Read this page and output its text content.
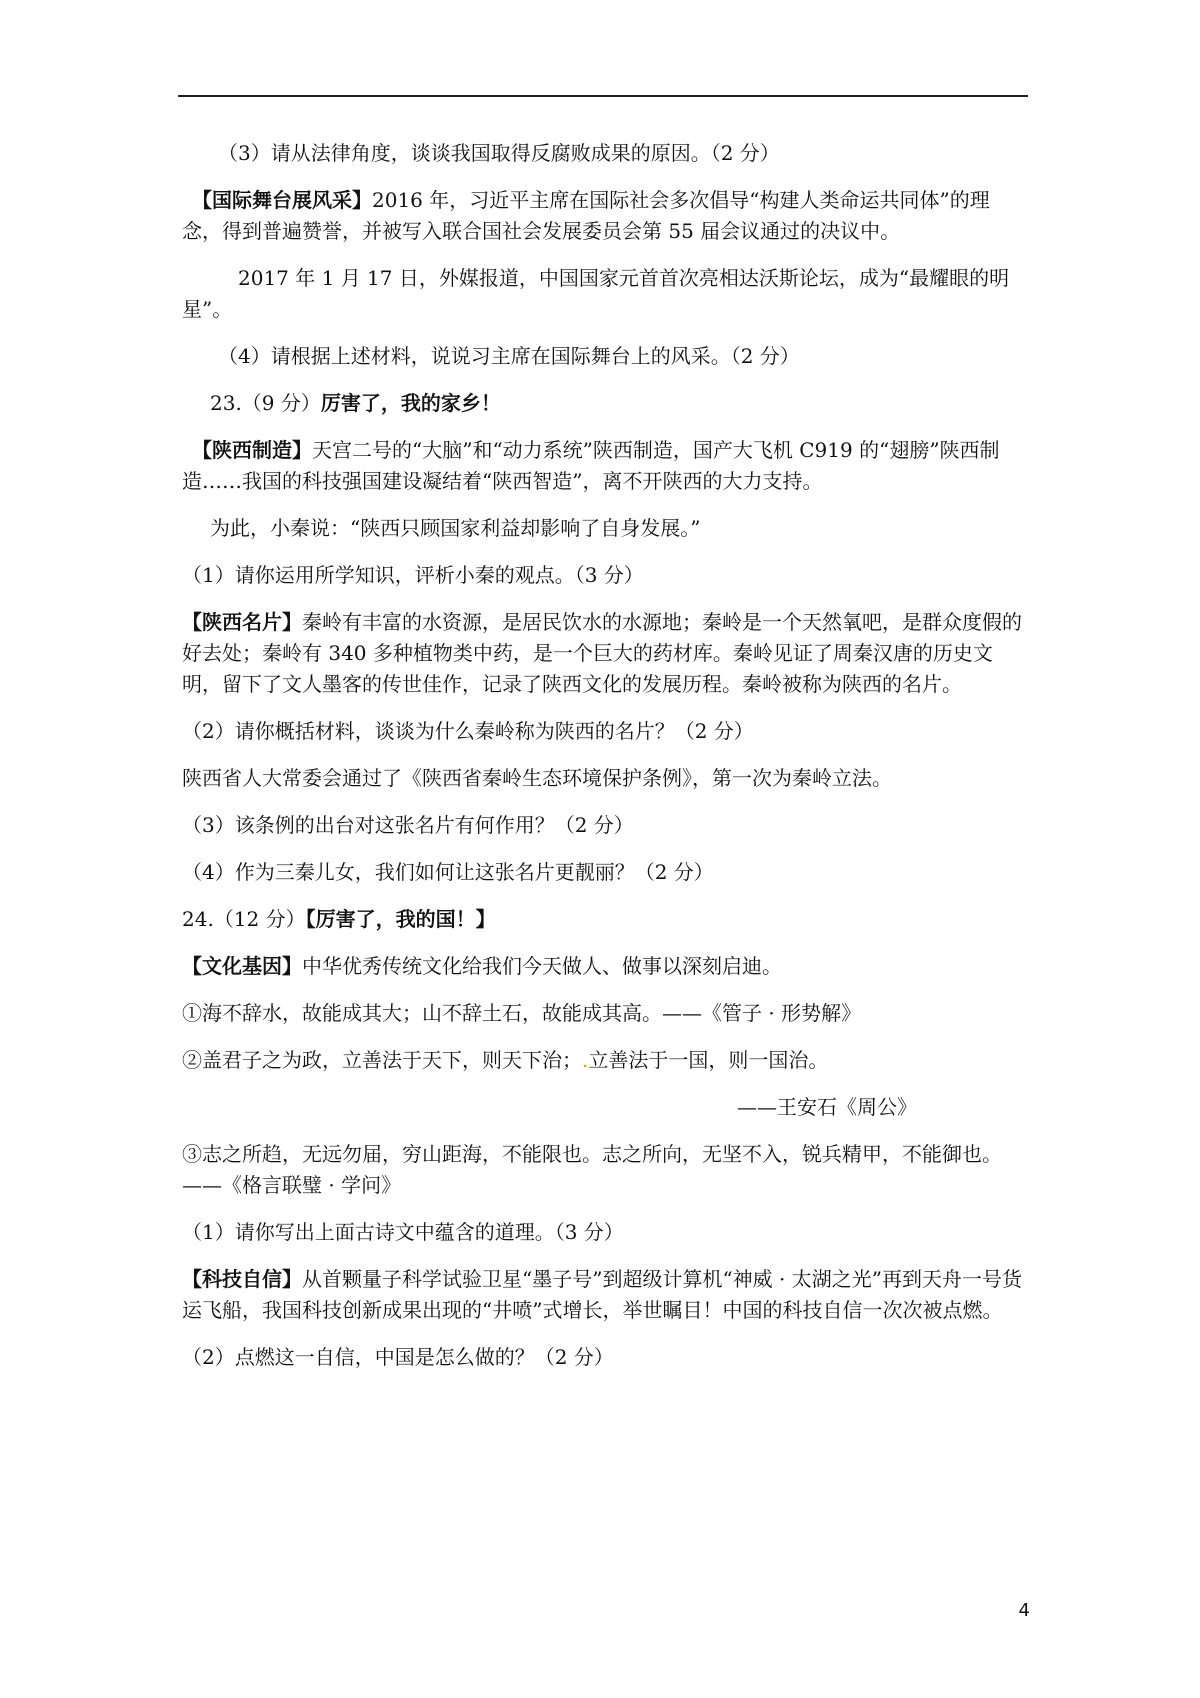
（3）请从法律角度，谈谈我国取得反腐败成果的原因。（2 分）

【国际舞台展风采】2016 年，习近平主席在国际社会多次倡导“构建人类命运共同体”的理念，得到普遍赞誉，并被写入联合国社会发展委员会第 55 届会议通过的决议中。

2017 年 1 月 17 日，外媒报道，中国国家元首首次亮相达沃斯论坛，成为“最耀眼的明星”。

（4）请根据上述材料，说说习主席在国际舞台上的风采。（2 分）

23.（9 分）厉害了，我的家乡！

【陕西制造】天宫二号的“大脑”和“动力系统”陕西制造，国产大飞机 C919 的“翅膀”陕西制造……我国的科技强国建设凝结着“陕西智造”，离不开陕西的大力支持。

为此，小秦说：“陕西只顾国家利益却影响了自身发展。”

（1）请你运用所学知识，评析小秦的观点。（3 分）

【陕西名片】秦岭有丰富的水资源，是居民饮水的水源地；秦岭是一个天然氧吧，是群众度假的好去处；秦岭有 340 多种植物类中药，是一个巨大的药材库。秦岭见证了周秦汉唐的历史文明，留下了文人墨客的传世佳作，记录了陕西文化的发展历程。秦岭被称为陕西的名片。

（2）请你概括材料，谈谈为什么秦岭称为陕西的名片？（2 分）

陕西省人大常委会通过了《陕西省秦岭生态环境保护条例》，第一次为秦岭立法。

（3）该条例的出台对这张名片有何作用？（2 分）

（4）作为三秦儿女，我们如何让这张名片更靓丽？（2 分）

24.（12 分）【厉害了，我的国！】

【文化基因】中华优秀传统文化给我们今天做人、做事以深刻启迪。

①海不辞水，故能成其大；山不辞土石，故能成其高。——《管子 · 形势解》

②盖君子之为政，立善法于天下，则天下治；.立善法于一国，则一国治。

——王安石《周公》

③志之所趋，无远勿届，穷山距海，不能限也。志之所向，无坚不入，锐兵精甲，不能御也。——《格言联璧 · 学问》

（1）请你写出上面古诗文中蕴含的道理。（3 分）

【科技自信】从首颗量子科学试验卫星“墨子号”到超级计算机“神威 · 太湖之光”再到天舟一号货运飞船，我国科技创新成果出现的“井喷”式增长，举世瞩目！中国的科技自信一次次被点燃。

（2）点燃这一自信，中国是怎么做的？（2 分）

4
